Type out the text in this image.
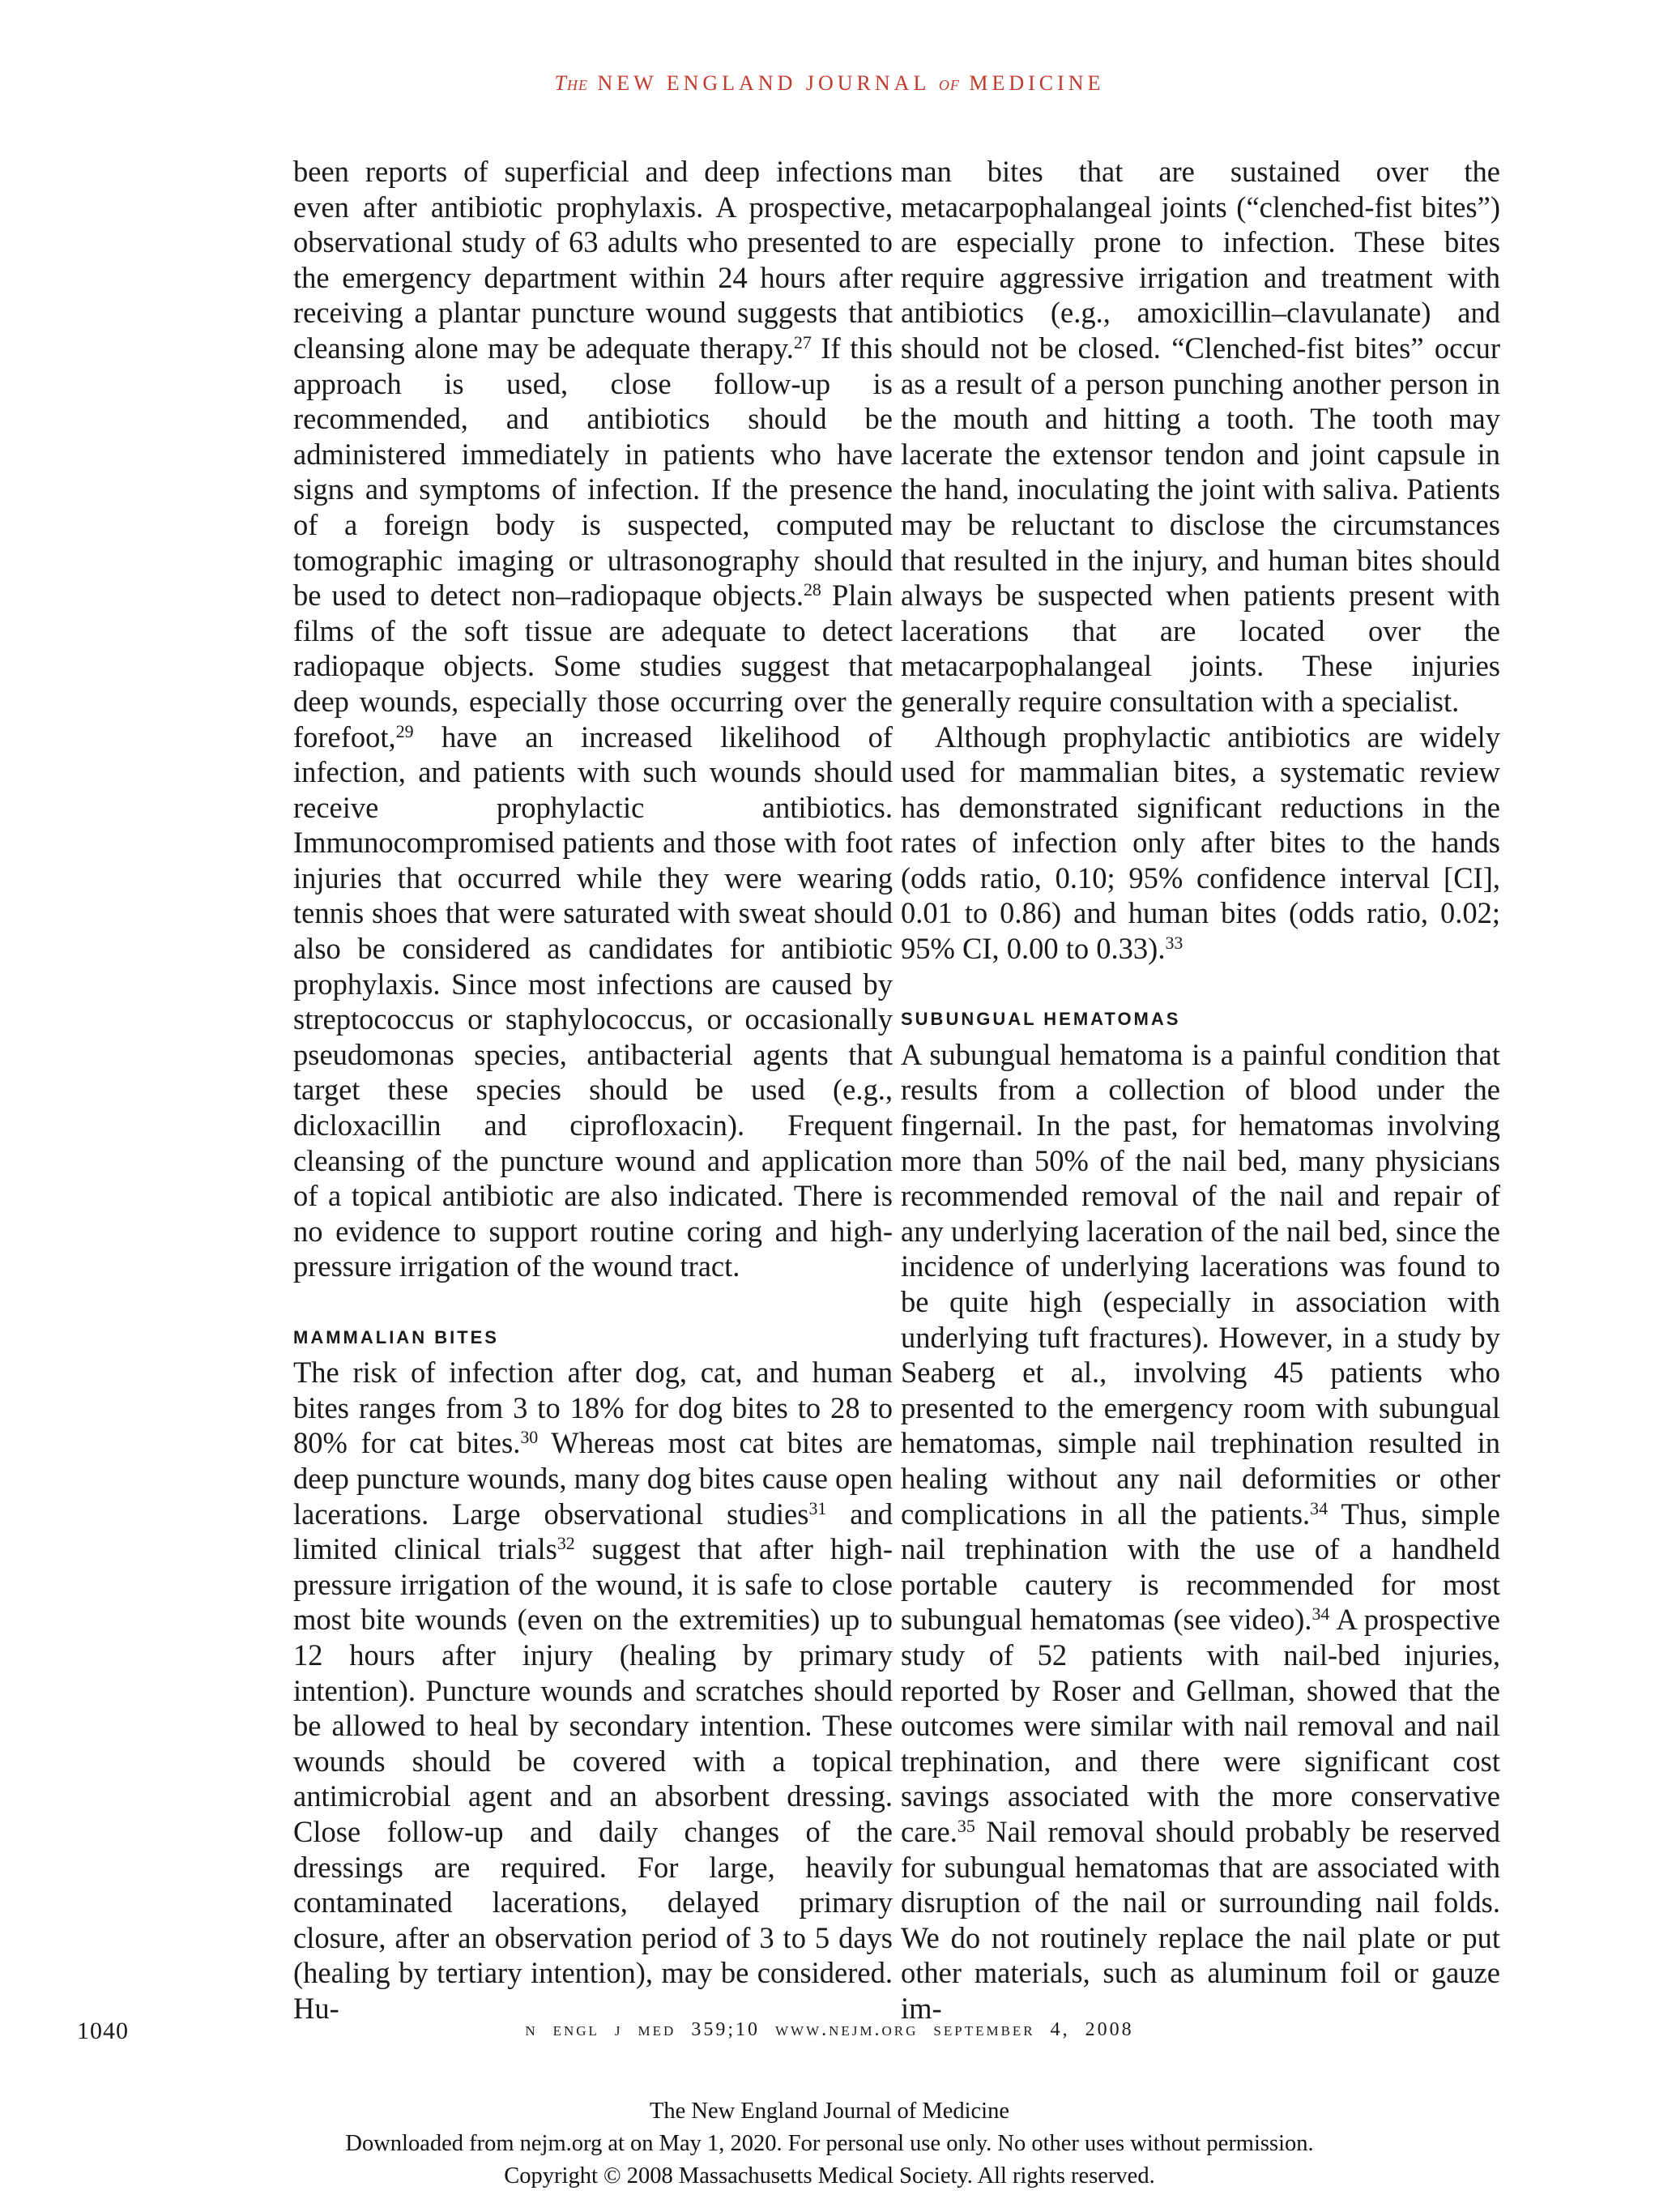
The NEW ENGLAND JOURNAL of MEDICINE

been reports of superficial and deep infections even after antibiotic prophylaxis. A prospective, observational study of 63 adults who presented to the emergency department within 24 hours after receiving a plantar puncture wound suggests that cleansing alone may be adequate therapy.$^{27}$ If this approach is used, close follow-up is recommended, and antibiotics should be administered immediately in patients who have signs and symptoms of infection. If the presence of a foreign body is suspected, computed tomographic imaging or ultrasonography should be used to detect non–radiopaque objects.$^{28}$ Plain films of the soft tissue are adequate to detect radiopaque objects. Some studies suggest that deep wounds, especially those occurring over the forefoot,$^{29}$ have an increased likelihood of infection, and patients with such wounds should receive prophylactic antibiotics. Immunocompromised patients and those with foot injuries that occurred while they were wearing tennis shoes that were saturated with sweat should also be considered as candidates for antibiotic prophylaxis. Since most infections are caused by streptococcus or staphylococcus, or occasionally pseudomonas species, antibacterial agents that target these species should be used (e.g., dicloxacillin and ciprofloxacin). Frequent cleansing of the puncture wound and application of a topical antibiotic are also indicated. There is no evidence to support routine coring and high-pressure irrigation of the wound tract.

MAMMALIAN BITES

The risk of infection after dog, cat, and human bites ranges from 3 to 18% for dog bites to 28 to 80% for cat bites.$^{30}$ Whereas most cat bites are deep puncture wounds, many dog bites cause open lacerations. Large observational studies$^{31}$ and limited clinical trials$^{32}$ suggest that after high-pressure irrigation of the wound, it is safe to close most bite wounds (even on the extremities) up to 12 hours after injury (healing by primary intention). Puncture wounds and scratches should be allowed to heal by secondary intention. These wounds should be covered with a topical antimicrobial agent and an absorbent dressing. Close follow-up and daily changes of the dressings are required. For large, heavily contaminated lacerations, delayed primary closure, after an observation period of 3 to 5 days (healing by tertiary intention), may be considered. Hu-

man bites that are sustained over the metacarpophalangeal joints (“clenched-fist bites”) are especially prone to infection. These bites require aggressive irrigation and treatment with antibiotics (e.g., amoxicillin–clavulanate) and should not be closed. “Clenched-fist bites” occur as a result of a person punching another person in the mouth and hitting a tooth. The tooth may lacerate the extensor tendon and joint capsule in the hand, inoculating the joint with saliva. Patients may be reluctant to disclose the circumstances that resulted in the injury, and human bites should always be suspected when patients present with lacerations that are located over the metacarpophalangeal joints. These injuries generally require consultation with a specialist.

Although prophylactic antibiotics are widely used for mammalian bites, a systematic review has demonstrated significant reductions in the rates of infection only after bites to the hands (odds ratio, 0.10; 95% confidence interval [CI], 0.01 to 0.86) and human bites (odds ratio, 0.02; 95% CI, 0.00 to 0.33).$^{33}$

SUBUNGUAL HEMATOMAS

A subungual hematoma is a painful condition that results from a collection of blood under the fingernail. In the past, for hematomas involving more than 50% of the nail bed, many physicians recommended removal of the nail and repair of any underlying laceration of the nail bed, since the incidence of underlying lacerations was found to be quite high (especially in association with underlying tuft fractures). However, in a study by Seaberg et al., involving 45 patients who presented to the emergency room with subungual hematomas, simple nail trephination resulted in healing without any nail deformities or other complications in all the patients.$^{34}$ Thus, simple nail trephination with the use of a handheld portable cautery is recommended for most subungual hematomas (see video).$^{34}$ A prospective study of 52 patients with nail-bed injuries, reported by Roser and Gellman, showed that the outcomes were similar with nail removal and nail trephination, and there were significant cost savings associated with the more conservative care.$^{35}$ Nail removal should probably be reserved for subungual hematomas that are associated with disruption of the nail or surrounding nail folds. We do not routinely replace the nail plate or put other materials, such as aluminum foil or gauze im-

1040	n engl j med 359;10 www.nejm.org september 4, 2008
The New England Journal of Medicine
Downloaded from nejm.org at on May 1, 2020. For personal use only. No other uses without permission.
Copyright © 2008 Massachusetts Medical Society. All rights reserved.
